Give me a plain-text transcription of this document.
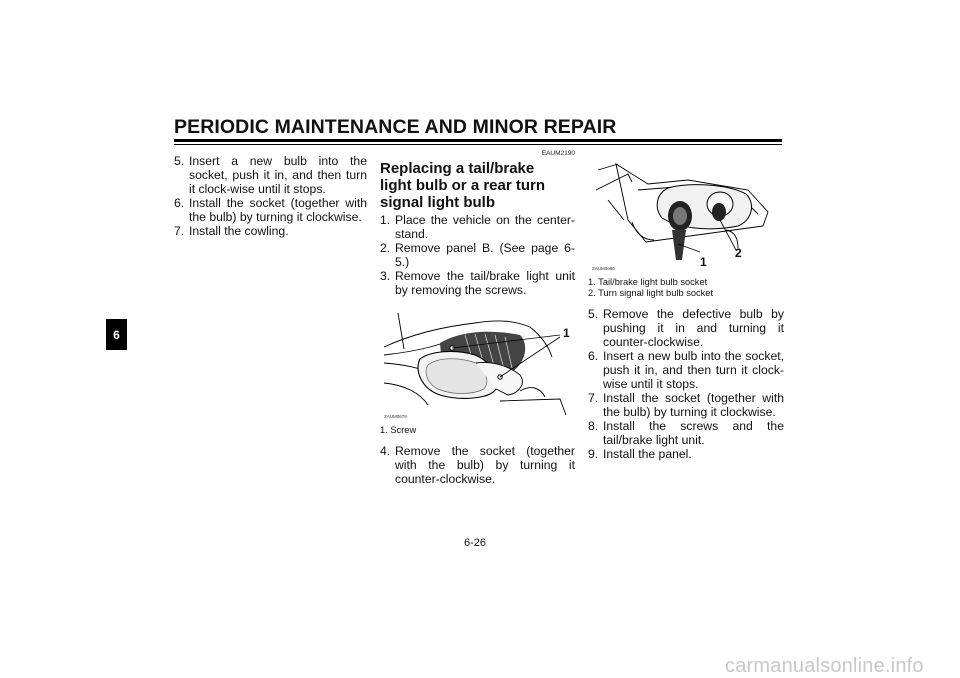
PERIODIC MAINTENANCE AND MINOR REPAIR
6
5. Insert a new bulb into the socket, push it in, and then turn it clock-wise until it stops.
6. Install the socket (together with the bulb) by turning it clockwise.
7. Install the cowling.
EAUM2190
Replacing a tail/brake light bulb or a rear turn signal light bulb
1. Place the vehicle on the center-stand.
2. Remove panel B. (See page 6-5.)
3. Remove the tail/brake light unit by removing the screws.
1
ZAUM0679
1. Screw
4. Remove the socket (together with the bulb) by turning it counter-clockwise.
1
2
ZAUM0680
1. Tail/brake light bulb socket
2. Turn signal light bulb socket
5. Remove the defective bulb by pushing it in and turning it counter-clockwise.
6. Insert a new bulb into the socket, push it in, and then turn it clock-wise until it stops.
7. Install the socket (together with the bulb) by turning it clockwise.
8. Install the screws and the tail/brake light unit.
9. Install the panel.
6-26
carmanualsonline.info
